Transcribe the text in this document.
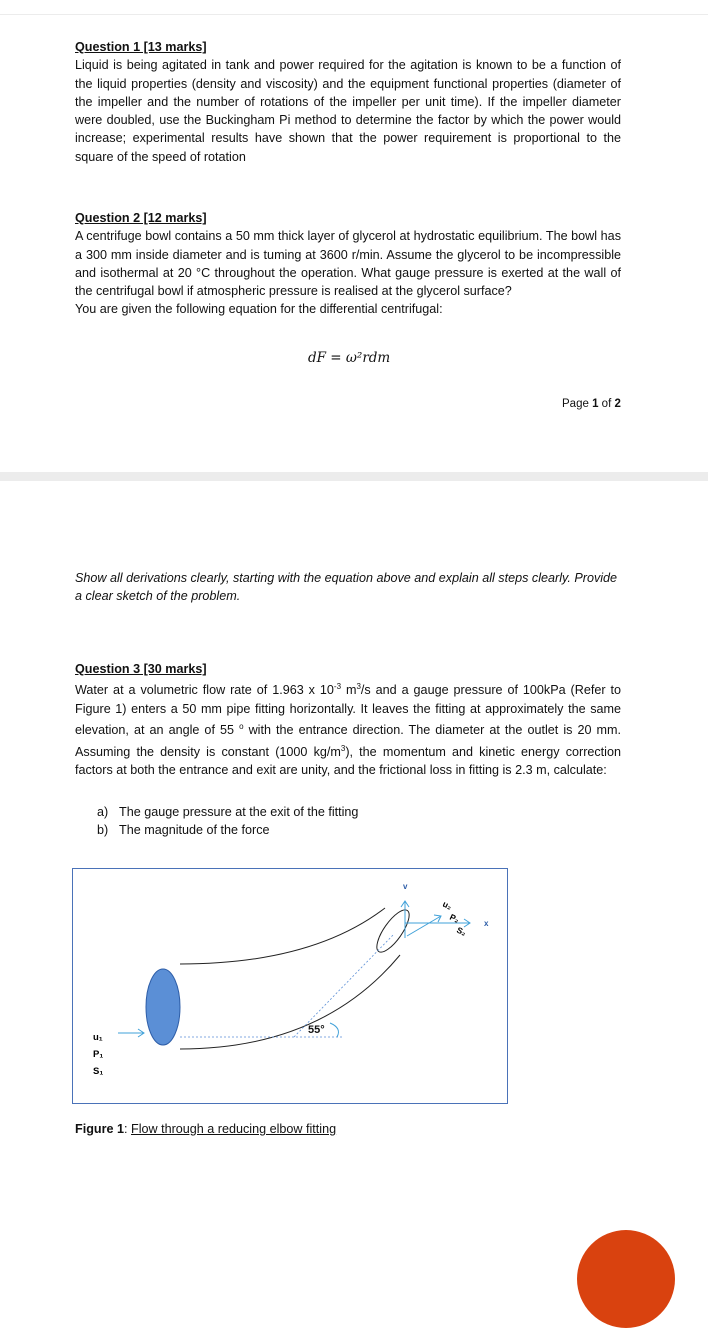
Question 1 [13 marks]
Liquid is being agitated in tank and power required for the agitation is known to be a function of the liquid properties (density and viscosity) and the equipment functional properties (diameter of the impeller and the number of rotations of the impeller per unit time). If the impeller diameter were doubled, use the Buckingham Pi method to determine the factor by which the power would increase; experimental results have shown that the power requirement is proportional to the square of the speed of rotation
Question 2 [12 marks]
A centrifuge bowl contains a 50 mm thick layer of glycerol at hydrostatic equilibrium. The bowl has a 300 mm inside diameter and is tuming at 3600 r/min. Assume the glycerol to be incompressible and isothermal at 20 °C throughout the operation. What gauge pressure is exerted at the wall of the centrifugal bowl if atmospheric pressure is realised at the glycerol surface?
You are given the following equation for the differential centrifugal:
dF = ω²rdm
Page 1 of 2
Show all derivations clearly, starting with the equation above and explain all steps clearly. Provide a clear sketch of the problem.
Question 3 [30 marks]
Water at a volumetric flow rate of 1.963 x $10^{-3}$ $m^3/s$ and a gauge pressure of 100kPa (Refer to Figure 1) enters a 50 mm pipe fitting horizontally. It leaves the fitting at approximately the same elevation, at an angle of 55 $^o$ with the entrance direction. The diameter at the outlet is 20 mm. Assuming the density is constant (1000 $kg/m^3$), the momentum and kinetic energy correction factors at both the entrance and exit are unity, and the frictional loss in fitting is 2.3 m, calculate:
a) The gauge pressure at the exit of the fitting
b) The magnitude of the force
55°
u₁
P₁
S₁
v
x
u₂
P₂
S₂
Figure 1: Flow through a reducing elbow fitting
